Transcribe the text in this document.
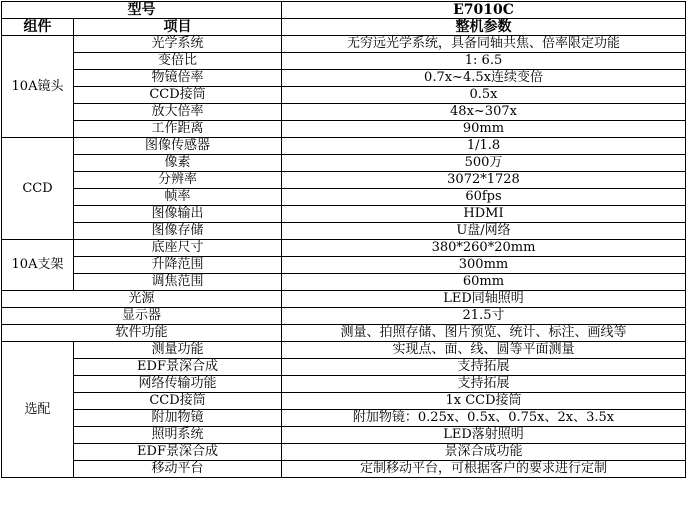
型号		E7010C
组件	项目	整机参数
10A镜头	光学系统	无穷远光学系统，具备同轴共焦、倍率限定功能
	变倍比	1: 6.5
	物镜倍率	0.7x~4.5x连续变倍
	CCD接筒	0.5x
	放大倍率	48x~307x
	工作距离	90mm
CCD	图像传感器	1/1.8
	像素	500万
	分辨率	3072*1728
	帧率	60fps
	图像输出	HDMI
	图像存储	U盘/网络
10A支架	底座尺寸	380*260*20mm
	升降范围	300mm
	调焦范围	60mm
光源		LED同轴照明
显示器		21.5寸
软件功能		测量、拍照存储、图片预览、统计、标注、画线等
选配	测量功能	实现点、面、线、圆等平面测量
	EDF景深合成	支持拓展
	网络传输功能	支持拓展
	CCD接筒	1x CCD接筒
	附加物镜	附加物镜：0.25x、0.5x、0.75x、2x、3.5x
	照明系统	LED落射照明
	EDF景深合成	景深合成功能
	移动平台	定制移动平台，可根据客户的要求进行定制
